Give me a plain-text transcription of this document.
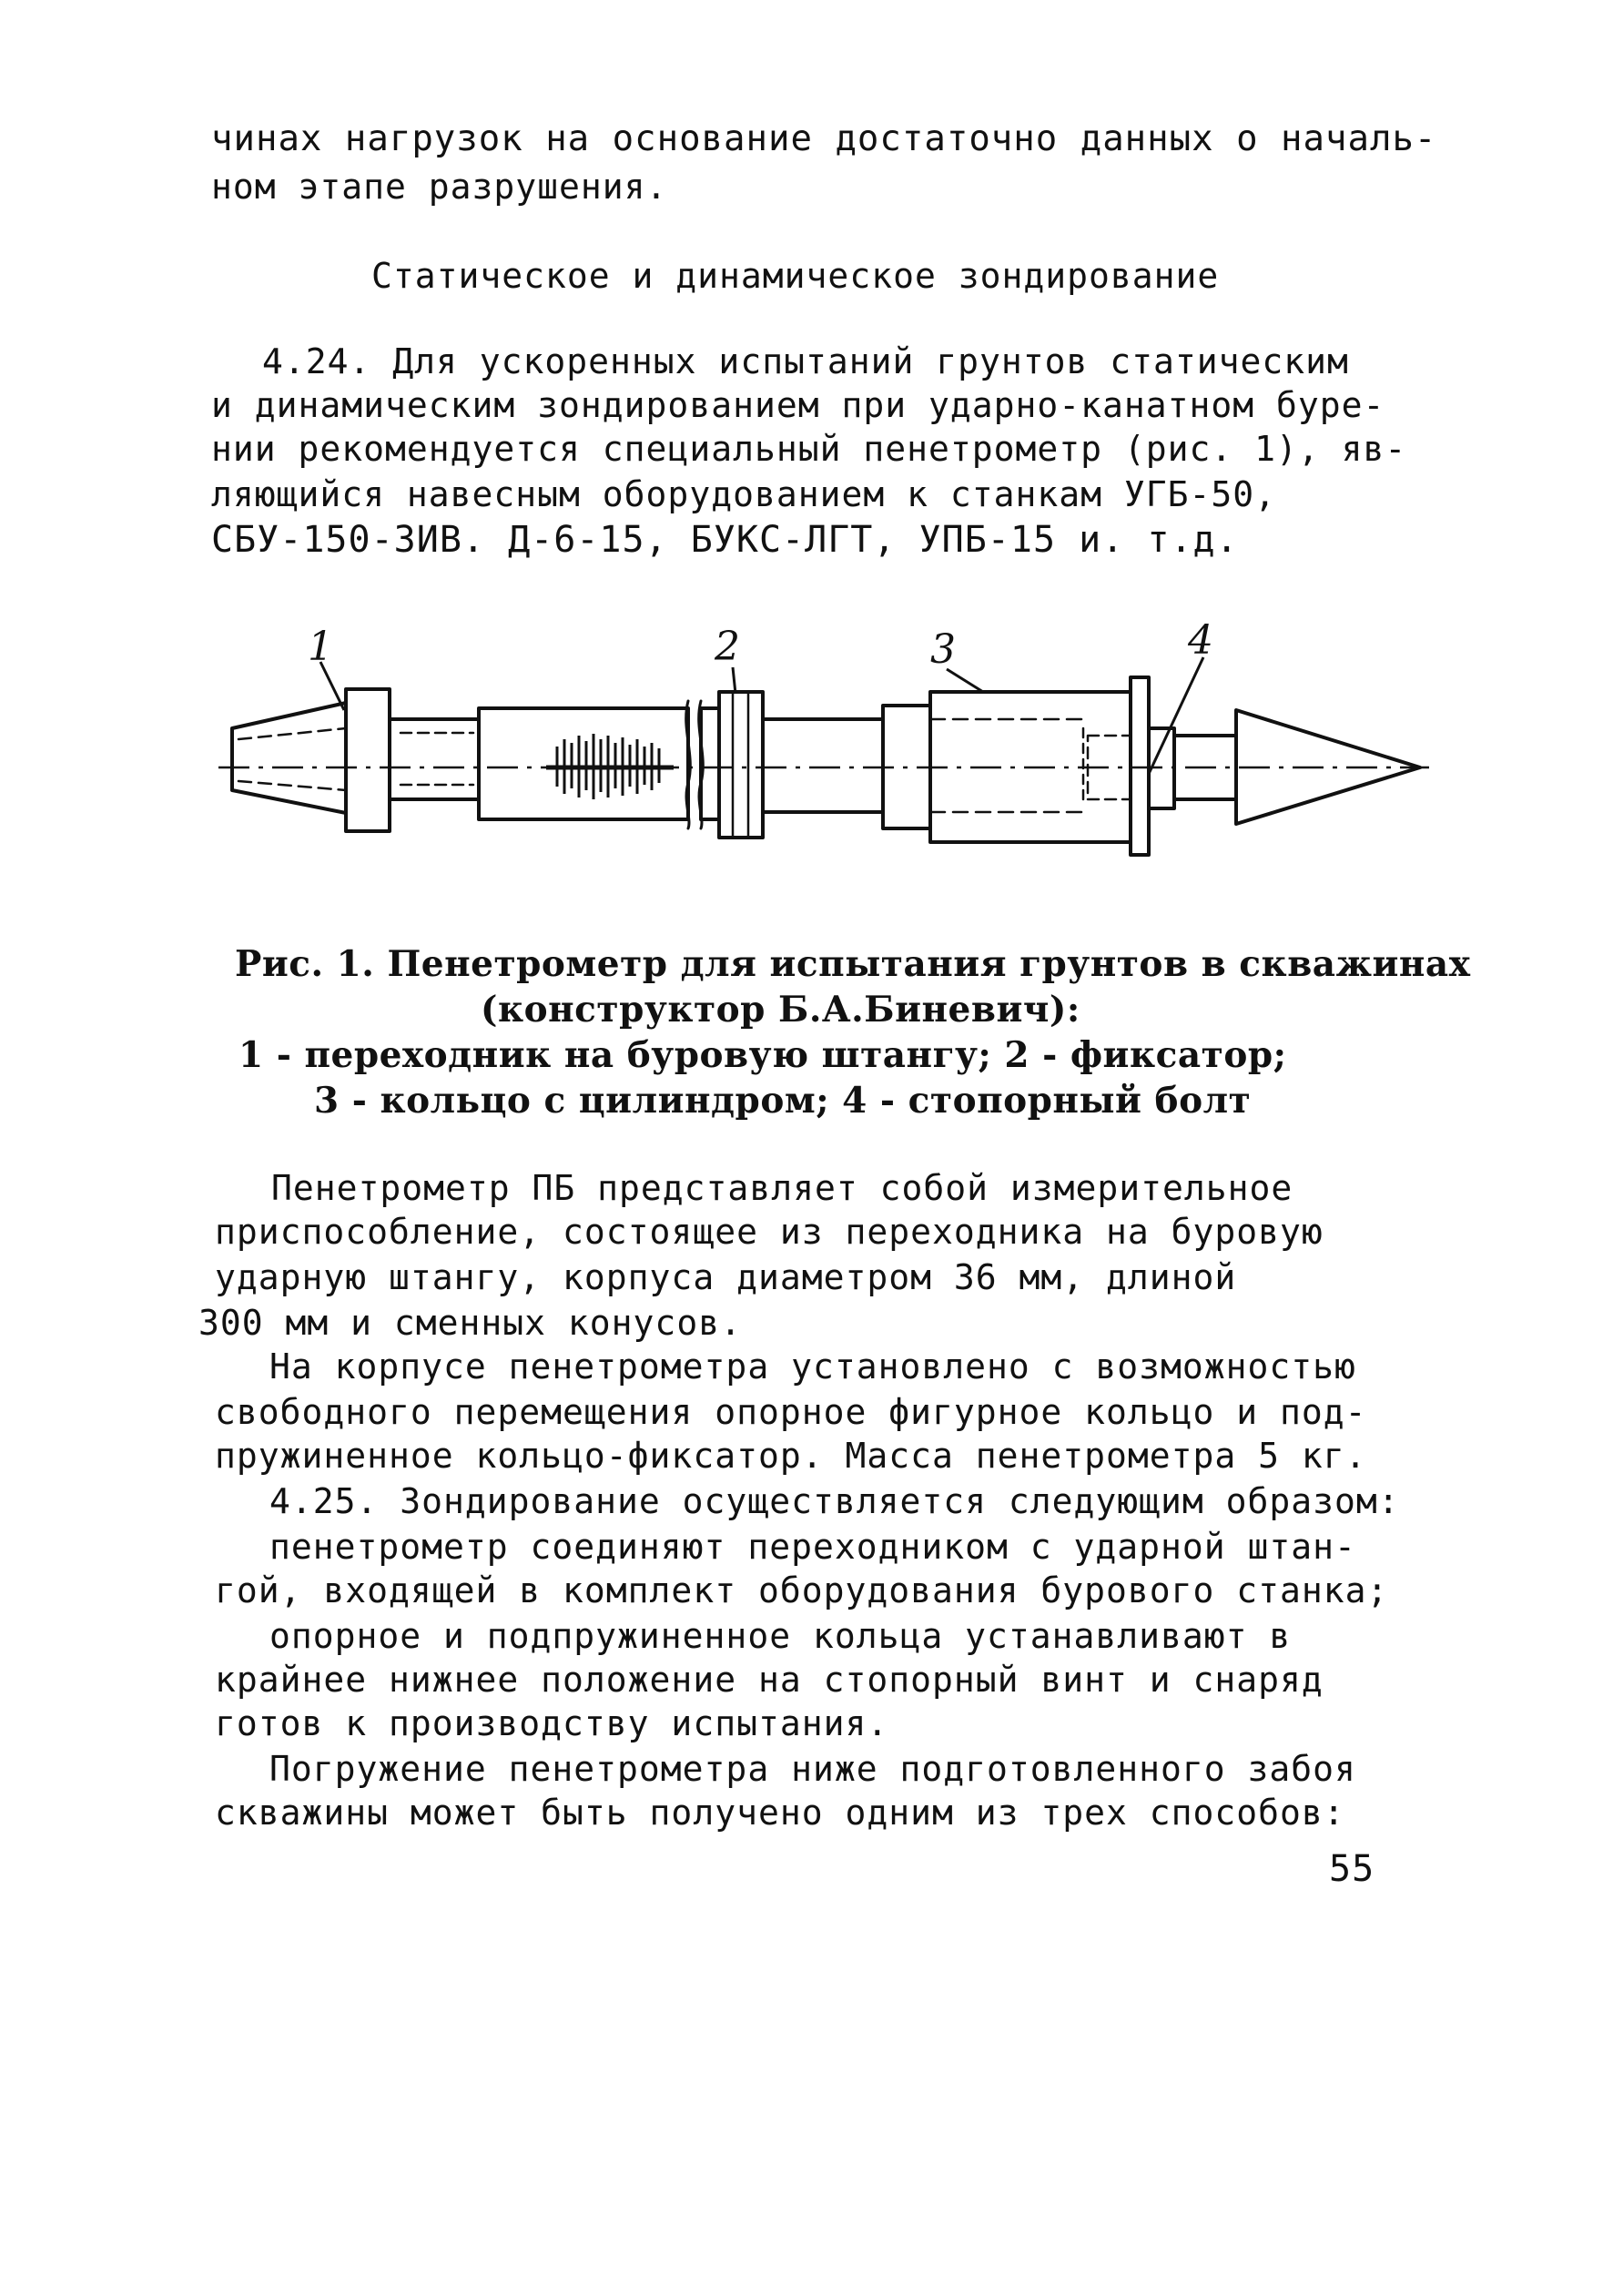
чинах нагрузок на основание достаточно данных о началь-
ном этапе разрушения.
Статическое и динамическое зондирование
4.24. Для ускоренных испытаний грунтов статическим
и динамическим зондированием при ударно-канатном буре-
нии рекомендуется специальный пенетрометр (рис. 1), яв-
ляющийся навесным оборудованием к станкам УГБ-50,
СБУ-150-ЗИВ. Д-6-15, БУКС-ЛГТ, УПБ-15 и. т.д.
1	2	3	4
Рис. 1. Пенетрометр для испытания грунтов в скважинах
(конструктор Б.А.Биневич):
1 - переходник на буровую штангу; 2 - фиксатор;
3 - кольцо с цилиндром; 4 - стопорный болт
Пенетрометр ПБ представляет собой измерительное
приспособление, состоящее из переходника на буровую
ударную штангу, корпуса диаметром 36 мм, длиной
300 мм и сменных конусов.
На корпусе пенетрометра установлено с возможностью
свободного перемещения опорное фигурное кольцо и под-
пружиненное кольцо-фиксатор. Масса пенетрометра 5 кг.
4.25. Зондирование осуществляется следующим образом:
пенетрометр соединяют переходником с ударной штан-
гой, входящей в комплект оборудования бурового станка;
опорное и подпружиненное кольца устанавливают в
крайнее нижнее положение на стопорный винт и снаряд
готов к производству испытания.
Погружение пенетрометра ниже подготовленного забоя
скважины может быть получено одним из трех способов:
55
